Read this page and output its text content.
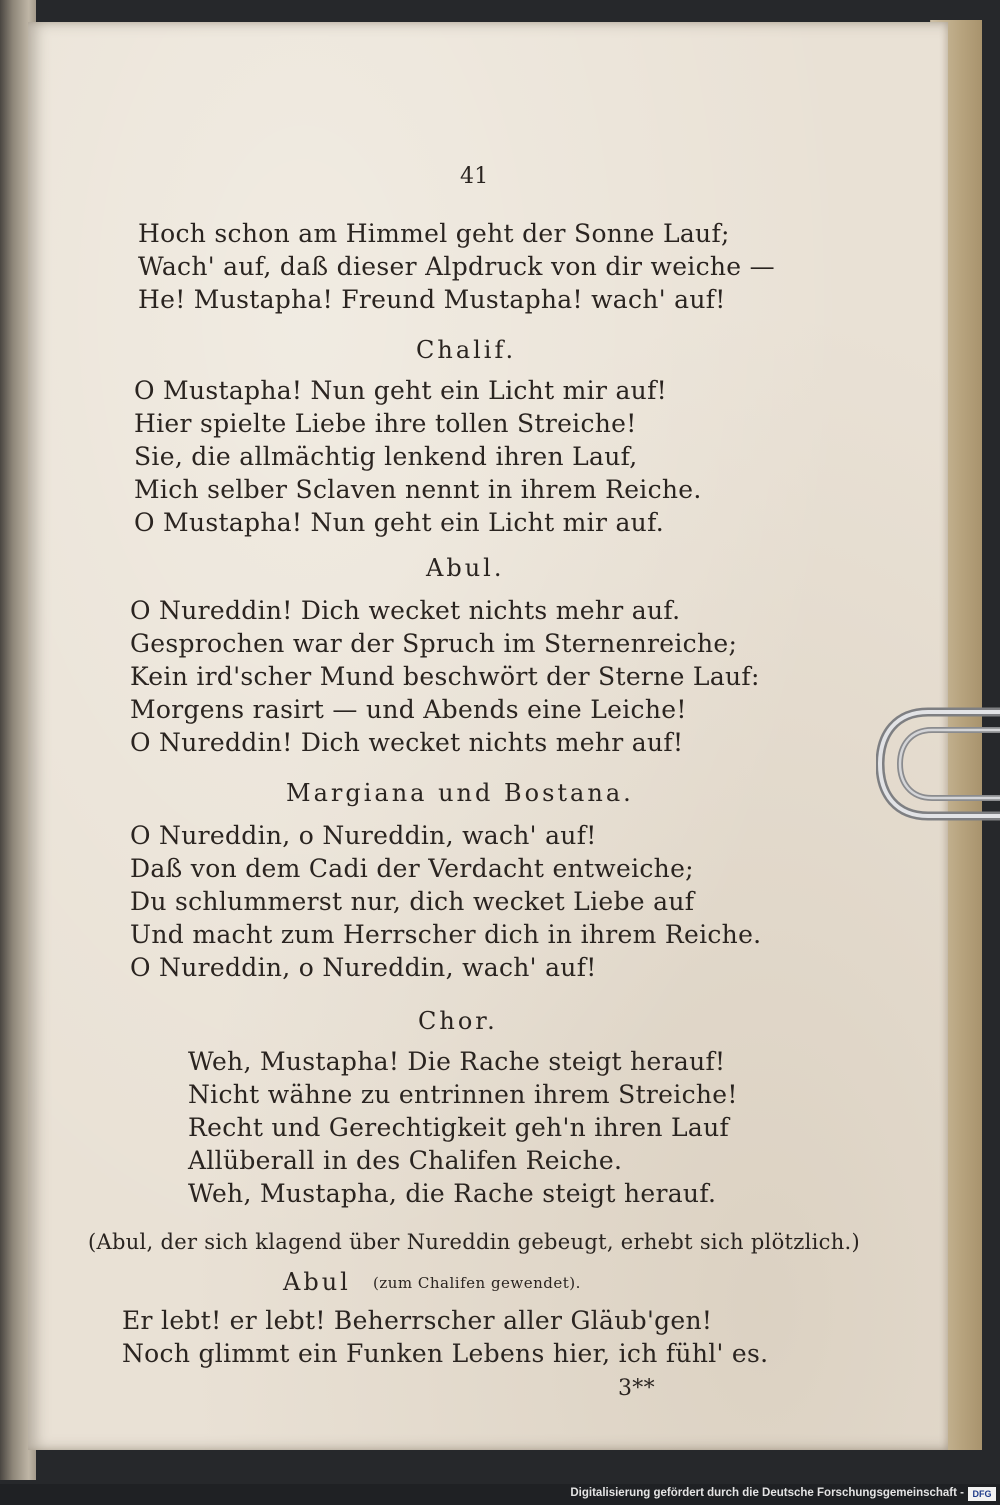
41
Hoch schon am Himmel geht der Sonne Lauf;
Wach' auf, daß dieser Alpdruck von dir weiche —
He! Mustapha! Freund Mustapha! wach' auf!
Chalif.
O Mustapha! Nun geht ein Licht mir auf!
Hier spielte Liebe ihre tollen Streiche!
Sie, die allmächtig lenkend ihren Lauf,
Mich selber Sclaven nennt in ihrem Reiche.
O Mustapha! Nun geht ein Licht mir auf.
Abul.
O Nureddin! Dich wecket nichts mehr auf.
Gesprochen war der Spruch im Sternenreiche;
Kein ird'scher Mund beschwört der Sterne Lauf:
Morgens rasirt — und Abends eine Leiche!
O Nureddin! Dich wecket nichts mehr auf!
Margiana und Bostana.
O Nureddin, o Nureddin, wach' auf!
Daß von dem Cadi der Verdacht entweiche;
Du schlummerst nur, dich wecket Liebe auf
Und macht zum Herrscher dich in ihrem Reiche.
O Nureddin, o Nureddin, wach' auf!
Chor.
Weh, Mustapha! Die Rache steigt herauf!
Nicht wähne zu entrinnen ihrem Streiche!
Recht und Gerechtigkeit geh'n ihren Lauf
Allüberall in des Chalifen Reiche.
Weh, Mustapha, die Rache steigt herauf.
(Abul, der sich klagend über Nureddin gebeugt, erhebt sich plötzlich.)
Abul (zum Chalifen gewendet).
Er lebt! er lebt! Beherrscher aller Gläub'gen!
Noch glimmt ein Funken Lebens hier, ich fühl' es.
3**
Digitalisierung gefördert durch die Deutsche Forschungsgemeinschaft - DFG
